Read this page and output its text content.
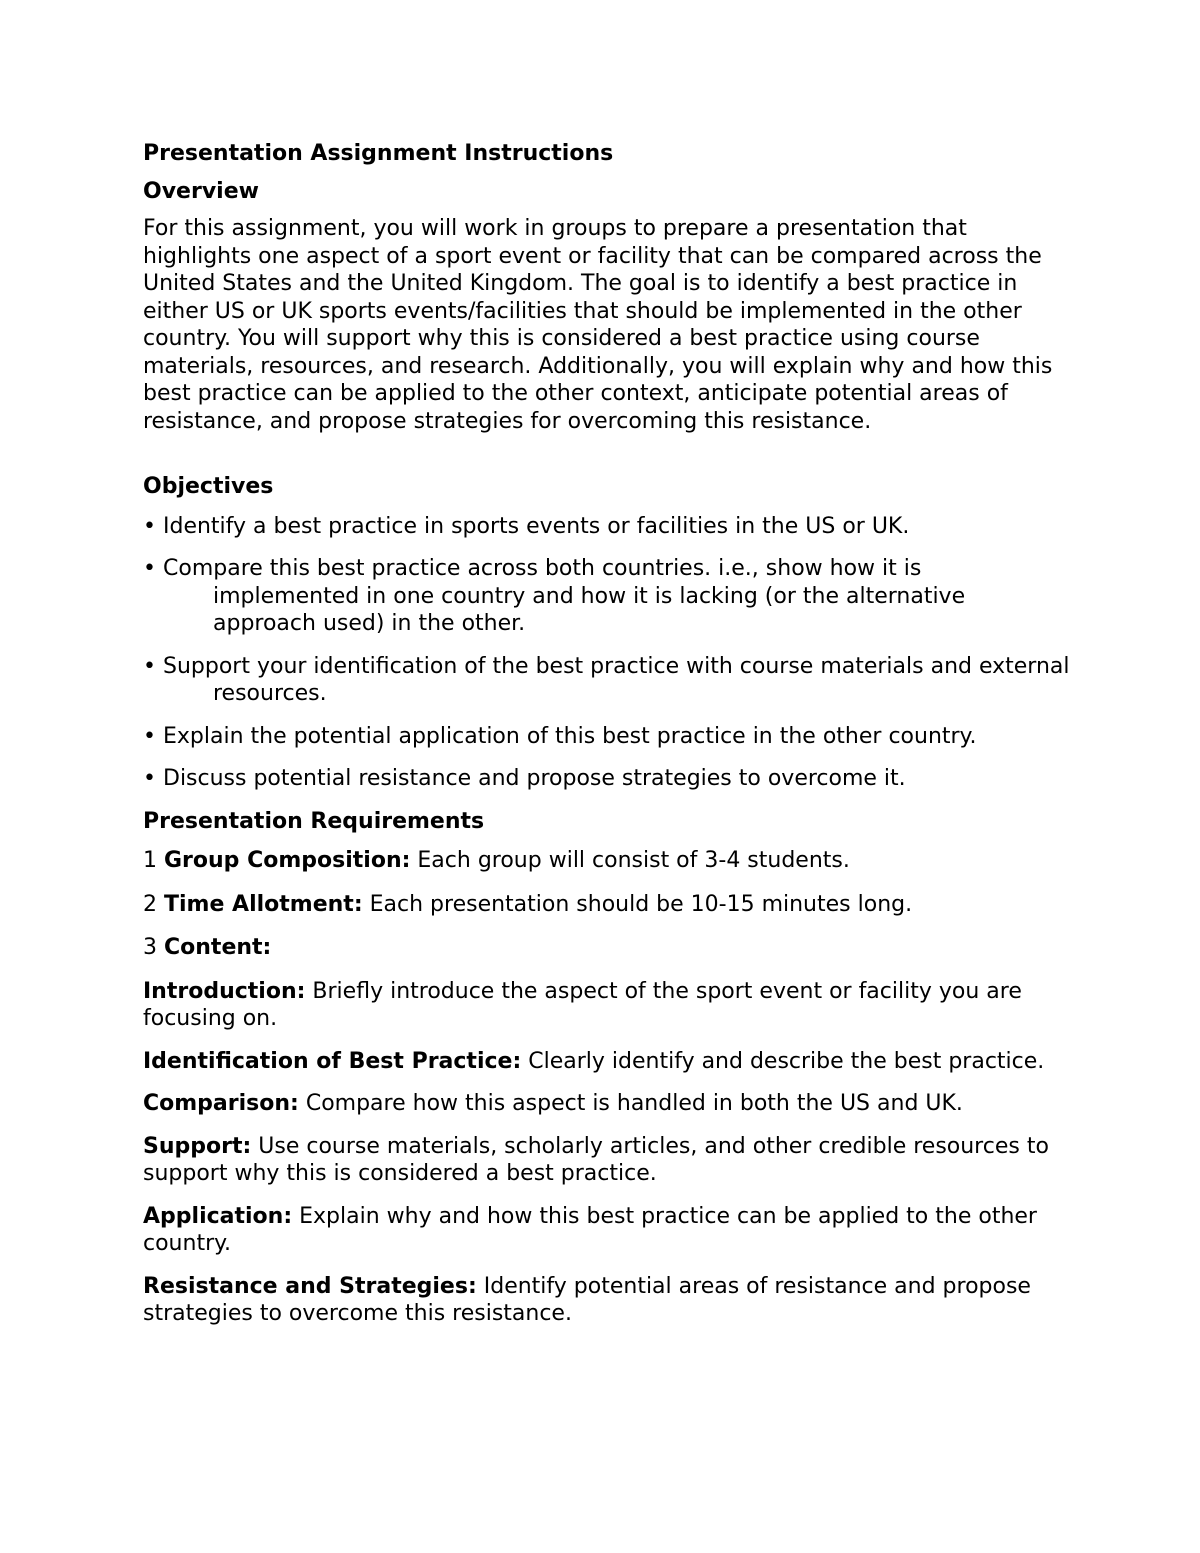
Presentation Assignment Instructions
Overview

For this assignment, you will work in groups to prepare a presentation that highlights one aspect of a sport event or facility that can be compared across the United States and the United Kingdom. The goal is to identify a best practice in either US or UK sports events/facilities that should be implemented in the other country. You will support why this is considered a best practice using course materials, resources, and research. Additionally, you will explain why and how this best practice can be applied to the other context, anticipate potential areas of resistance, and propose strategies for overcoming this resistance.

Objectives
• Identify a best practice in sports events or facilities in the US or UK.
• Compare this best practice across both countries. i.e., show how it is implemented in one country and how it is lacking (or the alternative approach used) in the other.
• Support your identification of the best practice with course materials and external resources.
• Explain the potential application of this best practice in the other country.
• Discuss potential resistance and propose strategies to overcome it.
Presentation Requirements

1 Group Composition: Each group will consist of 3-4 students.

2 Time Allotment: Each presentation should be 10-15 minutes long.

3 Content:

Introduction: Briefly introduce the aspect of the sport event or facility you are focusing on.

Identification of Best Practice: Clearly identify and describe the best practice.

Comparison: Compare how this aspect is handled in both the US and UK.

Support: Use course materials, scholarly articles, and other credible resources to support why this is considered a best practice.

Application: Explain why and how this best practice can be applied to the other country.

Resistance and Strategies: Identify potential areas of resistance and propose strategies to overcome this resistance.
